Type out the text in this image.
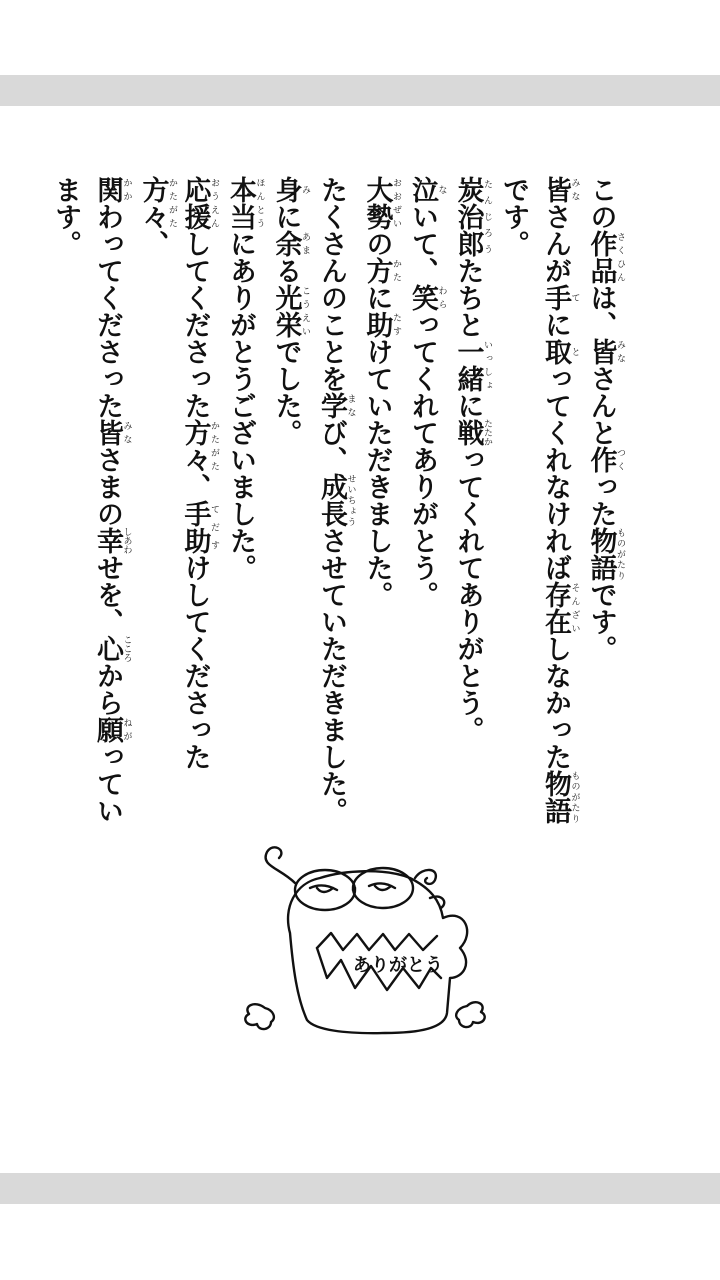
この作品さくひんは、皆みなさんと作つくった物語ものがたりです。

皆みなさんが手てに取とってくれなければ存在そんざいしなかった物語ものがたりです。

炭治郎たんじろうたちと一緒いっしょに戦たたかってくれてありがとう。

泣ないて、笑わらってくれてありがとう。

大勢おおぜいの方かたに助たすけていただきました。

たくさんのことを学まなび、成長せいちょうさせていただきました。

身みに余あまる光栄こうえいでした。

本当ほんとうにありがとうございました。

応援おうえんしてくださった方々かたがた、手助てだすけしてくださった方々かたがた、

関かかわってくださった皆みなさまの幸しあわせを、心こころから願ねがっています。

ありがとう
